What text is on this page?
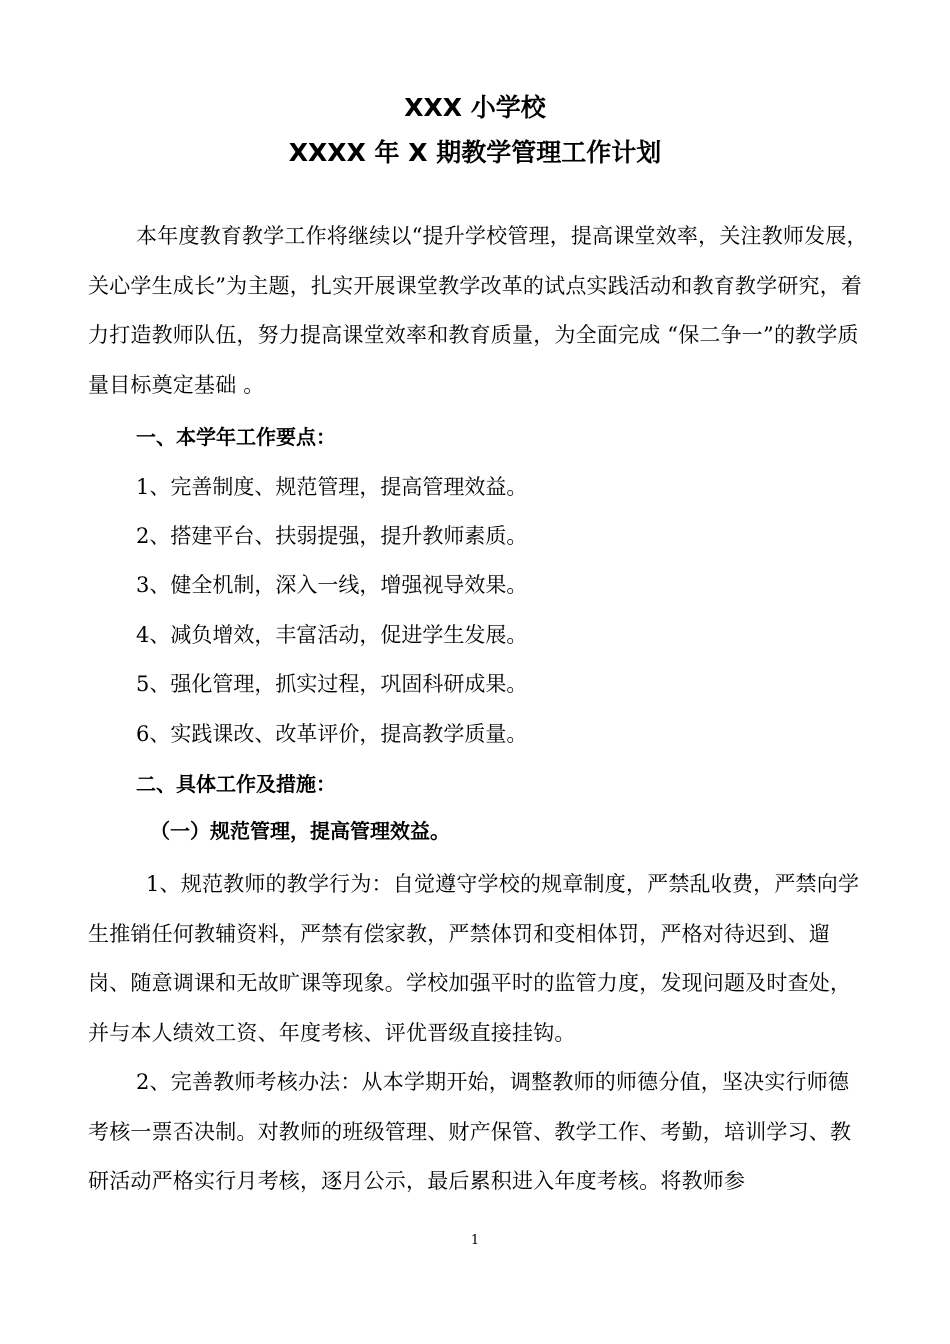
XXX 小学校
XXXX 年 X 期教学管理工作计划
本年度教育教学工作将继续以“提升学校管理，提高课堂效率，关注教师发展，关心学生成长”为主题，扎实开展课堂教学改革的试点实践活动和教育教学研究，着力打造教师队伍，努力提高课堂效率和教育质量，为全面完成 “保二争一”的教学质量目标奠定基础 。
一、本学年工作要点：
1、完善制度、规范管理，提高管理效益。
2、搭建平台、扶弱提强，提升教师素质。
3、健全机制，深入一线，增强视导效果。
4、减负增效，丰富活动，促进学生发展。
5、强化管理，抓实过程，巩固科研成果。
6、实践课改、改革评价，提高教学质量。
二、具体工作及措施：
（一）规范管理，提高管理效益。
1、规范教师的教学行为：自觉遵守学校的规章制度，严禁乱收费，严禁向学生推销任何教辅资料，严禁有偿家教，严禁体罚和变相体罚，严格对待迟到、遛岗、随意调课和无故旷课等现象。学校加强平时的监管力度，发现问题及时查处，并与本人绩效工资、年度考核、评优晋级直接挂钩。
2、完善教师考核办法：从本学期开始，调整教师的师德分值，坚决实行师德考核一票否决制。对教师的班级管理、财产保管、教学工作、考勤，培训学习、教研活动严格实行月考核，逐月公示，最后累积进入年度考核。将教师参
1
